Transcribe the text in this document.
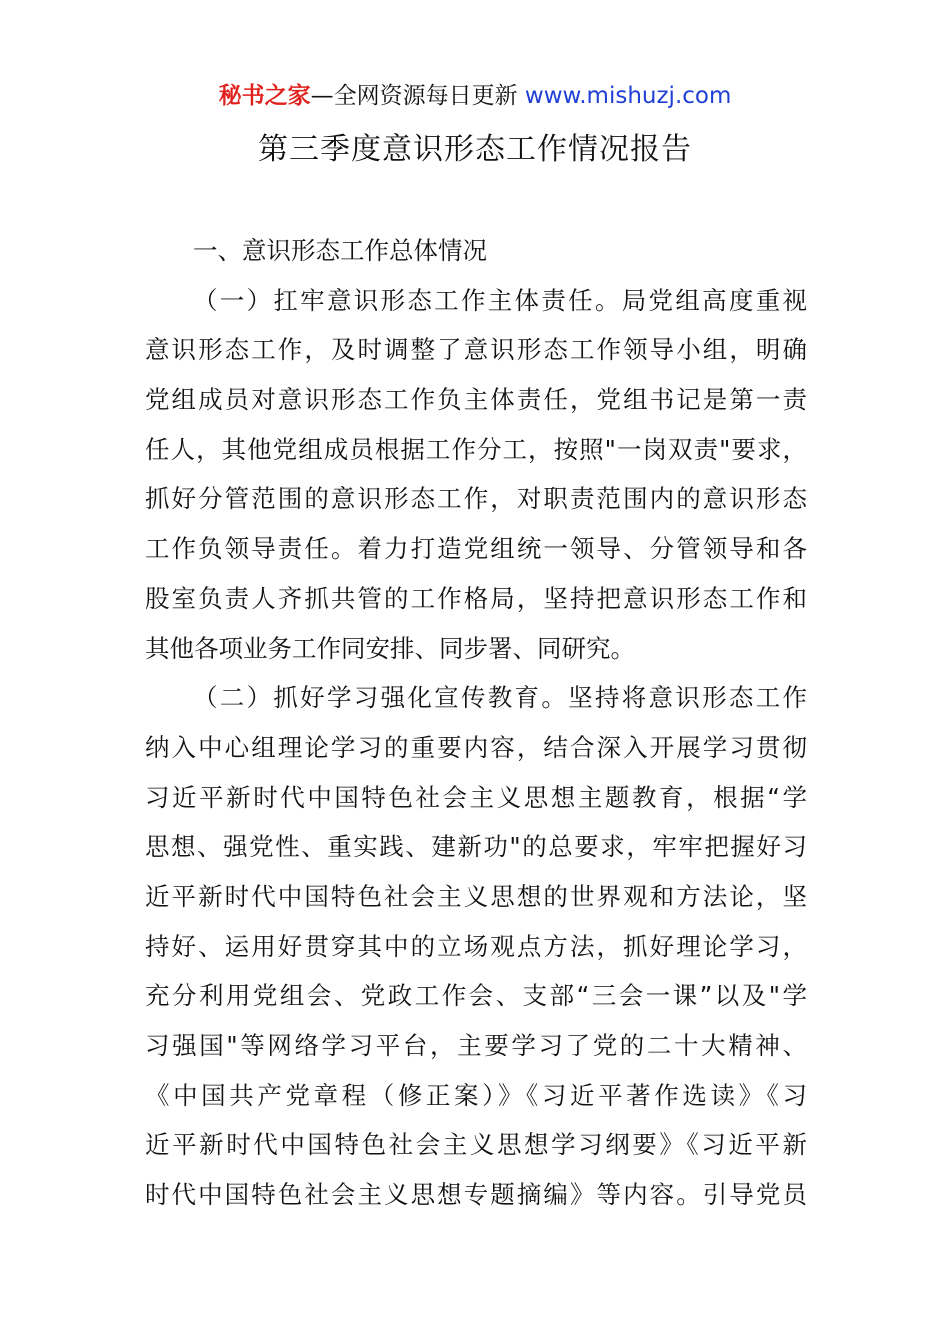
秘书之家—全网资源每日更新 www.mishuzj.com
第三季度意识形态工作情况报告
一、意识形态工作总体情况
（一）扛牢意识形态工作主体责任。局党组高度重视
意识形态工作，及时调整了意识形态工作领导小组，明确
党组成员对意识形态工作负主体责任，党组书记是第一责
任人，其他党组成员根据工作分工，按照"一岗双责"要求，
抓好分管范围的意识形态工作，对职责范围内的意识形态
工作负领导责任。着力打造党组统一领导、分管领导和各
股室负责人齐抓共管的工作格局，坚持把意识形态工作和
其他各项业务工作同安排、同步署、同研究。
（二）抓好学习强化宣传教育。坚持将意识形态工作
纳入中心组理论学习的重要内容，结合深入开展学习贯彻
习近平新时代中国特色社会主义思想主题教育，根据“学
思想、强党性、重实践、建新功"的总要求，牢牢把握好习
近平新时代中国特色社会主义思想的世界观和方法论，坚
持好、运用好贯穿其中的立场观点方法，抓好理论学习，
充分利用党组会、党政工作会、支部“三会一课”以及"学
习强国"等网络学习平台，主要学习了党的二十大精神、
《中国共产党章程（修正案）》《习近平著作选读》《习
近平新时代中国特色社会主义思想学习纲要》《习近平新
时代中国特色社会主义思想专题摘编》等内容。引导党员
